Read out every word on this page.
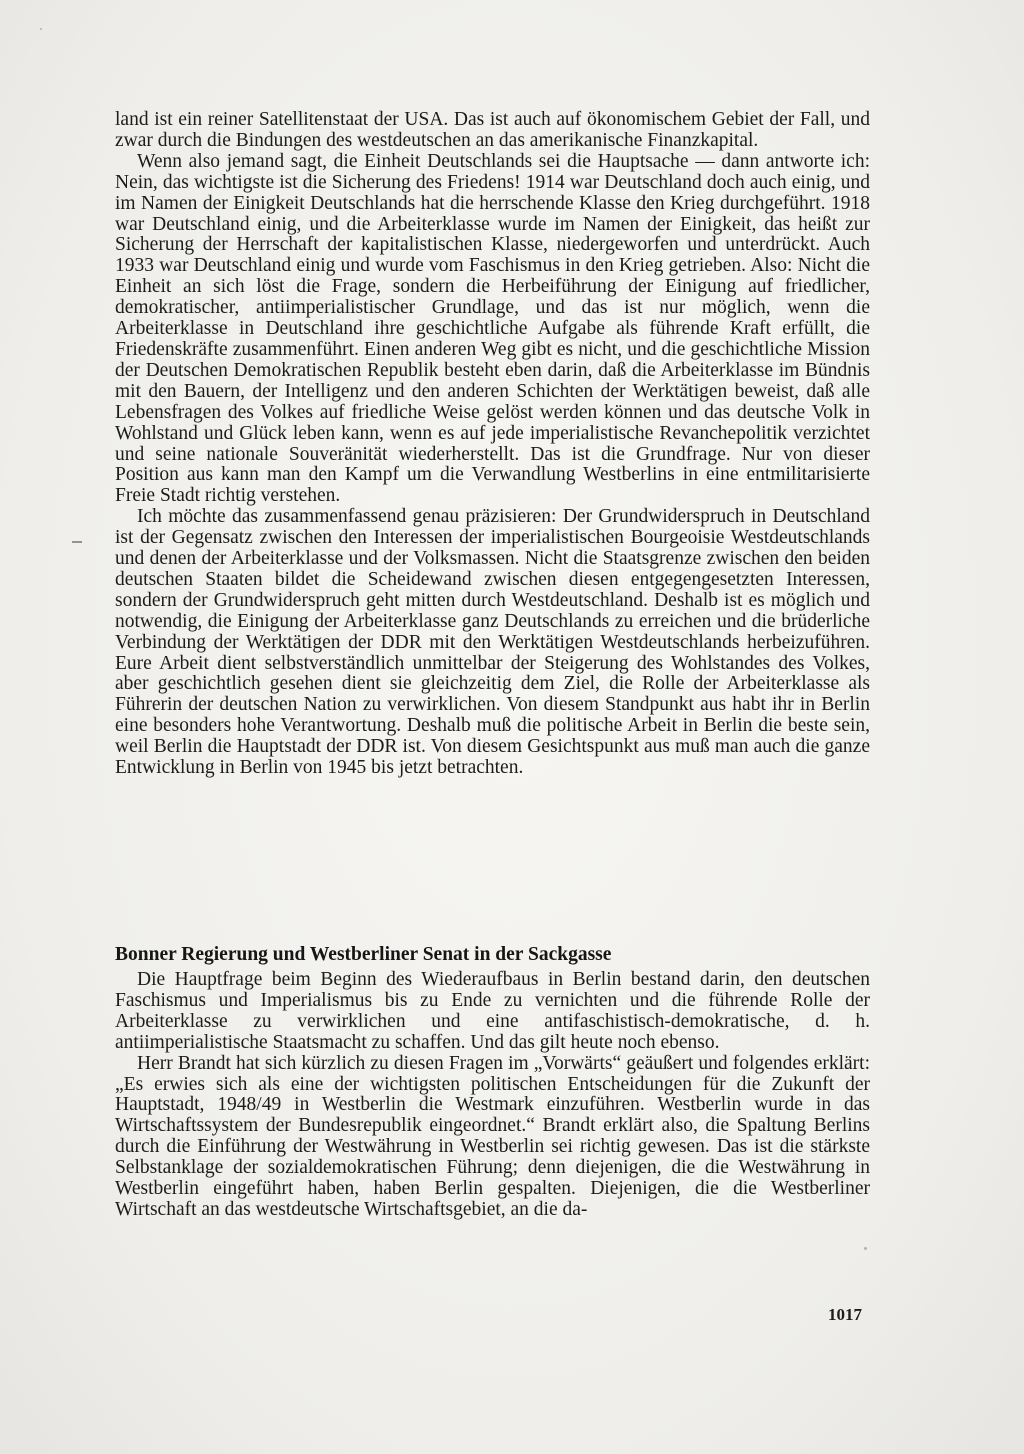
land ist ein reiner Satellitenstaat der USA. Das ist auch auf ökonomischem Gebiet der Fall, und zwar durch die Bindungen des westdeutschen an das amerikanische Finanzkapital.

Wenn also jemand sagt, die Einheit Deutschlands sei die Hauptsache — dann antworte ich: Nein, das wichtigste ist die Sicherung des Friedens! 1914 war Deutschland doch auch einig, und im Namen der Einigkeit Deutschlands hat die herrschende Klasse den Krieg durchgeführt. 1918 war Deutschland einig, und die Arbeiterklasse wurde im Namen der Einigkeit, das heißt zur Sicherung der Herrschaft der kapitalistischen Klasse, niedergeworfen und unterdrückt. Auch 1933 war Deutschland einig und wurde vom Faschismus in den Krieg getrieben. Also: Nicht die Einheit an sich löst die Frage, sondern die Herbeiführung der Einigung auf friedlicher, demokratischer, antiimperialistischer Grundlage, und das ist nur möglich, wenn die Arbeiterklasse in Deutschland ihre geschichtliche Aufgabe als führende Kraft erfüllt, die Friedenskräfte zusammenführt. Einen anderen Weg gibt es nicht, und die geschichtliche Mission der Deutschen Demokratischen Republik besteht eben darin, daß die Arbeiterklasse im Bündnis mit den Bauern, der Intelligenz und den anderen Schichten der Werktätigen beweist, daß alle Lebensfragen des Volkes auf friedliche Weise gelöst werden können und das deutsche Volk in Wohlstand und Glück leben kann, wenn es auf jede imperialistische Revanchepolitik verzichtet und seine nationale Souveränität wiederherstellt. Das ist die Grundfrage. Nur von dieser Position aus kann man den Kampf um die Verwandlung Westberlins in eine entmilitarisierte Freie Stadt richtig verstehen.

Ich möchte das zusammenfassend genau präzisieren: Der Grundwiderspruch in Deutschland ist der Gegensatz zwischen den Interessen der imperialistischen Bourgeoisie Westdeutschlands und denen der Arbeiterklasse und der Volksmassen. Nicht die Staatsgrenze zwischen den beiden deutschen Staaten bildet die Scheidewand zwischen diesen entgegengesetzten Interessen, sondern der Grundwiderspruch geht mitten durch Westdeutschland. Deshalb ist es möglich und notwendig, die Einigung der Arbeiterklasse ganz Deutschlands zu erreichen und die brüderliche Verbindung der Werktätigen der DDR mit den Werktätigen Westdeutschlands herbeizuführen. Eure Arbeit dient selbstverständlich unmittelbar der Steigerung des Wohlstandes des Volkes, aber geschichtlich gesehen dient sie gleichzeitig dem Ziel, die Rolle der Arbeiterklasse als Führerin der deutschen Nation zu verwirklichen. Von diesem Standpunkt aus habt ihr in Berlin eine besonders hohe Verantwortung. Deshalb muß die politische Arbeit in Berlin die beste sein, weil Berlin die Hauptstadt der DDR ist. Von diesem Gesichtspunkt aus muß man auch die ganze Entwicklung in Berlin von 1945 bis jetzt betrachten.

Bonner Regierung und Westberliner Senat in der Sackgasse

Die Hauptfrage beim Beginn des Wiederaufbaus in Berlin bestand darin, den deutschen Faschismus und Imperialismus bis zu Ende zu vernichten und die führende Rolle der Arbeiterklasse zu verwirklichen und eine antifaschistisch-demokratische, d. h. antiimperialistische Staatsmacht zu schaffen. Und das gilt heute noch ebenso.

Herr Brandt hat sich kürzlich zu diesen Fragen im „Vorwärts“ geäußert und folgendes erklärt: „Es erwies sich als eine der wichtigsten politischen Entscheidungen für die Zukunft der Hauptstadt, 1948/49 in Westberlin die Westmark einzuführen. Westberlin wurde in das Wirtschaftssystem der Bundesrepublik eingeordnet.“ Brandt erklärt also, die Spaltung Berlins durch die Einführung der Westwährung in Westberlin sei richtig gewesen. Das ist die stärkste Selbstanklage der sozialdemokratischen Führung; denn diejenigen, die die Westwährung in Westberlin eingeführt haben, haben Berlin gespalten. Diejenigen, die die Westberliner Wirtschaft an das westdeutsche Wirtschaftsgebiet, an die da-

1017
